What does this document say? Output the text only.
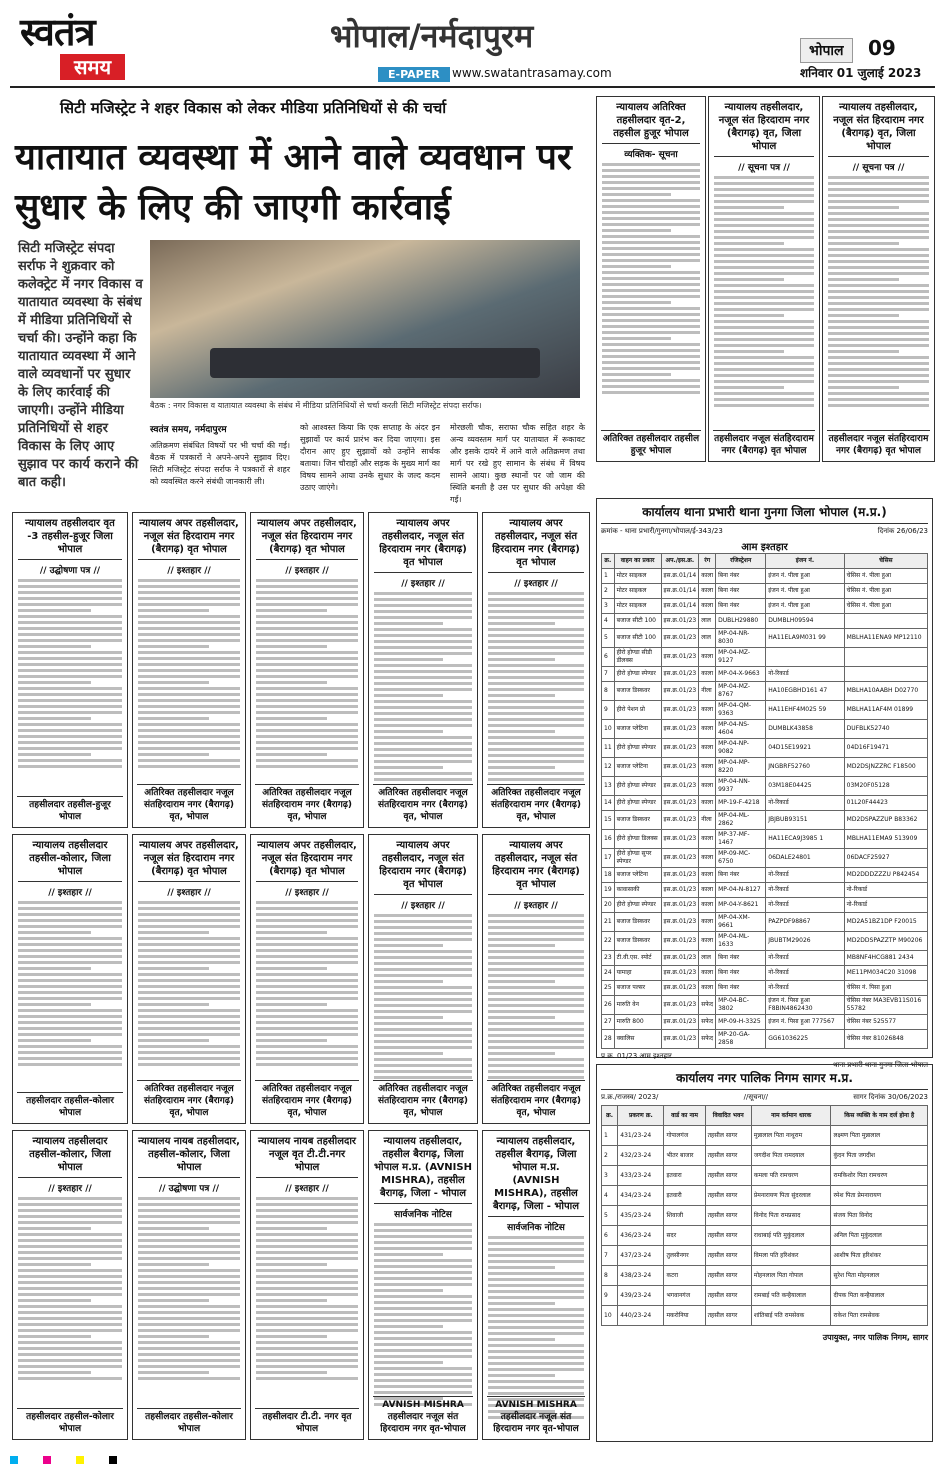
स्वतंत्र
समय
भोपाल/नर्मदापुरम
E-PAPER	www.swatantrasamay.com
भोपाल	09
शनिवार 01 जुलाई 2023
सिटी मजिस्ट्रेट ने शहर विकास को लेकर मीडिया प्रतिनिधियों से की चर्चा
यातायात व्यवस्था में आने वाले व्यवधान पर सुधार के लिए की जाएगी कार्रवाई
सिटी मजिस्ट्रेट संपदा सर्राफ ने शुक्रवार को कलेक्ट्रेट में नगर विकास व यातायात व्यवस्था के संबंध में मीडिया प्रतिनिधियों से चर्चा की। उन्होंने कहा कि यातायात व्यवस्था में आने वाले व्यवधानों पर सुधार के लिए कार्रवाई की जाएगी। उन्होंने मीडिया प्रतिनिधियों से शहर विकास के लिए आए सुझाव पर कार्य कराने की बात कही।
बैठक : नगर विकास व यातायात व्यवस्था के संबंध में मीडिया प्रतिनिधियों से चर्चा करती सिटी मजिस्ट्रेट संपदा सर्राफ।
स्वतंत्र समय, नर्मदापुरम
अतिक्रमण संबंधित विषयों पर भी चर्चा की गई। बैठक में पत्रकारों ने अपने-अपने सुझाव दिए। सिटी मजिस्ट्रेट संपदा सर्राफ ने पत्रकारों से शहर को व्यवस्थित करने संबंधी जानकारी ली।
को आश्वस्त किया कि एक सप्ताह के अंदर इन सुझावों पर कार्य प्रारंभ कर दिया जाएगा। इस दौरान आए हुए सुझावों को उन्होंने सार्थक बताया। जिन चौराहों और सड़क के मुख्य मार्ग का विषय सामने आया उनके सुधार के जल्द कदम उठाए जाएंगे।
मोरछली चौक, सराफा चौक सहित शहर के अन्य व्यवस्तम मार्ग पर यातायात में रूकावट और इसके दायरे में आने वाले अतिक्रमण तथा मार्ग पर रखे हुए सामान के संबंध में विषय सामने आया। कुछ स्थानों पर जो जाम की स्थिति बनती है उस पर सुधार की अपेक्षा की गई।
न्यायालय अतिरिक्त तहसीलदार वृत-2, तहसील हुजूर भोपाल
व्यक्तिक- सूचना
अतिरिक्त तहसीलदार तहसील हुजूर भोपाल
न्यायालय तहसीलदार, नजूल संत हिरदाराम नगर (बैरागढ़) वृत, जिला भोपाल
// सूचना पत्र //
तहसीलदार नजूल संतहिरदाराम नगर (बैरागढ़) वृत भोपाल
न्यायालय तहसीलदार, नजूल संत हिरदाराम नगर (बैरागढ़) वृत, जिला भोपाल
// सूचना पत्र //
तहसीलदार नजूल संतहिरदाराम नगर (बैरागढ़) वृत भोपाल
न्यायालय तहसीलदार वृत -3 तहसील-हुजूर जिला भोपाल
// उद्घोषणा पत्र //
तहसीलदार तहसील-हुजूर भोपाल
न्यायालय अपर तहसीलदार, नजूल संत हिरदाराम नगर (बैरागढ़) वृत भोपाल
// इश्तहार //
अतिरिक्त तहसीलदार नजूल संतहिरदाराम नगर (बैरागढ़) वृत, भोपाल
न्यायालय अपर तहसीलदार, नजूल संत हिरदाराम नगर (बैरागढ़) वृत भोपाल
// इश्तहार //
अतिरिक्त तहसीलदार नजूल संतहिरदाराम नगर (बैरागढ़) वृत, भोपाल
न्यायालय अपर तहसीलदार, नजूल संत हिरदाराम नगर (बैरागढ़) वृत भोपाल
// इश्तहार //
अतिरिक्त तहसीलदार नजूल संतहिरदाराम नगर (बैरागढ़) वृत, भोपाल
न्यायालय अपर तहसीलदार, नजूल संत हिरदाराम नगर (बैरागढ़) वृत भोपाल
// इश्तहार //
अतिरिक्त तहसीलदार नजूल संतहिरदाराम नगर (बैरागढ़) वृत, भोपाल
न्यायालय तहसीलदार तहसील-कोलार, जिला भोपाल
// इश्तहार //
तहसीलदार तहसील-कोलार भोपाल
न्यायालय अपर तहसीलदार, नजूल संत हिरदाराम नगर (बैरागढ़) वृत भोपाल
// इश्तहार //
अतिरिक्त तहसीलदार नजूल संतहिरदाराम नगर (बैरागढ़) वृत, भोपाल
न्यायालय अपर तहसीलदार, नजूल संत हिरदाराम नगर (बैरागढ़) वृत भोपाल
// इश्तहार //
अतिरिक्त तहसीलदार नजूल संतहिरदाराम नगर (बैरागढ़) वृत, भोपाल
न्यायालय अपर तहसीलदार, नजूल संत हिरदाराम नगर (बैरागढ़) वृत भोपाल
// इश्तहार //
अतिरिक्त तहसीलदार नजूल संतहिरदाराम नगर (बैरागढ़) वृत, भोपाल
न्यायालय अपर तहसीलदार, नजूल संत हिरदाराम नगर (बैरागढ़) वृत भोपाल
// इश्तहार //
अतिरिक्त तहसीलदार नजूल संतहिरदाराम नगर (बैरागढ़) वृत, भोपाल
न्यायालय तहसीलदार तहसील-कोलार, जिला भोपाल
// इश्तहार //
तहसीलदार तहसील-कोलार भोपाल
न्यायालय नायब तहसीलदार, तहसील-कोलार, जिला भोपाल
// उद्घोषणा पत्र //
तहसीलदार तहसील-कोलार भोपाल
न्यायालय नायब तहसीलदार नजूल वृत टी.टी.नगर भोपाल
// इश्तहार //
तहसीलदार टी.टी. नगर वृत भोपाल
न्यायालय तहसीलदार, तहसील बैरागढ़, जिला भोपाल म.प्र. (AVNISH MISHRA), तहसील बैरागढ़, जिला - भोपाल
सार्वजनिक नोटिस
AVNISH MISHRA तहसीलदार नजूल संत हिरदाराम नगर वृत-भोपाल
न्यायालय तहसीलदार, तहसील बैरागढ़, जिला भोपाल म.प्र. (AVNISH MISHRA), तहसील बैरागढ़, जिला - भोपाल
सार्वजनिक नोटिस
AVNISH MISHRA तहसीलदार नजूल संत हिरदाराम नगर वृत-भोपाल
कार्यालय थाना प्रभारी थाना गुनगा जिला भोपाल (म.प्र.)
क्रमांक - थाना प्रभारी/गुनगा/भोपाल/ई-343/23	दिनांक 26/06/23
आम इश्तहार
क्र.	वाहन का प्रकार	अप./इस.क्र.	रंग	रजिस्ट्रेशन	इंजन नं.	चेसिस
1	मोटर साइकल	इस.क्र.01/14	काला	बिना नंबर	इंजन नं. पीला हुआ	चेसिस नं. पीला हुआ
2	मोटर साइकल	इस.क्र.01/14	काला	बिना नंबर	इंजन नं. पीला हुआ	चेसिस नं. पीला हुआ
3	मोटर साइकल	इस.क्र.01/14	काला	बिना नंबर	इंजन नं. पीला हुआ	चेसिस नं. पीला हुआ
4	बजाज सीटी 100	इस.क्र.01/23	लाल	DUBLH29880	DUMBLH09594	
5	बजाज सीटी 100	इस.क्र.01/23	लाल	MP-04-NR-8030	HA11ELA9M031 99	MBLHA11ENA9 MP12110
6	हीरो होण्डा सीडी डीलक्स	इस.क्र.01/23	काला	MP-04-MZ-9127		
7	हीरो होण्डा स्पेण्डर	इस.क्र.01/23	काला	MP-04-X-9663	नो-रिकार्ड	
8	बजाज डिस्कवर	इस.क्र.01/23	नीला	MP-04-MZ-8767	HA10EGBHD161 47	MBLHA10AABH D02770
9	हीरो पेशन प्रो	इस.क्र.01/23	काला	MP-04-QM-9363	HA11EHF4M025 59	MBLHA11AF4M 01899
10	बजाज प्लेटिना	इस.क्र.01/23	काला	MP-04-NS-4604	DUMBLK43858	DUFBLK52740
11	हीरो होण्डा स्पेण्डर	इस.क्र.01/23	काला	MP-04-NP-9082	04D15E19921	04D16F19471
12	बजाज प्लेटिना	इस.क्र.01/23	काला	MP-04-MP-8220	JNGBRF52760	MD2DSJNZZRC F18500
13	हीरो होण्डा स्पेण्डर	इस.क्र.01/23	काला	MP-04-NN-9937	03M18E04425	03M20F05128
14	हीरो होण्डा स्पेण्डर	इस.क्र.01/23	काला	MP-19-F-4218	नो-रिकार्ड	01L20F44423
15	बजाज डिस्कवर	इस.क्र.01/23	नीला	MP-04-ML-2862	JBJBUB93151	MD2DSPAZZUP B83362
16	हीरो होण्डा डिलक्स	इस.क्र.01/23	काला	MP-37-MF-1467	HA11ECA9J3985 1	MBLHA11EMA9 513909
17	हीरो होण्डा सुपर स्पेण्डर	इस.क्र.01/23	काला	MP-09-MC-6750	06DALE24801	06DACF25927
18	बजाज प्लेटिना	इस.क्र.01/23	काला	बिना नंबर	नो-रिकार्ड	MD2DDDZZZU P842454
19	कावासाकी	इस.क्र.01/23	काला	MP-04-N-8127	नो-रिकार्ड	नो-रिकार्ड
20	हीरो होण्डा स्पेण्डर	इस.क्र.01/23	काला	MP-04-Y-8621	नो-रिकार्ड	नो-रिकार्ड
21	बजाज डिस्कवर	इस.क्र.01/23	काला	MP-04-XM-9661	PAZPDF98867	MD2A51BZ1DP F20015
22	बजाज डिस्कवर	इस.क्र.01/23	काला	MP-04-ML-1633	JBUBTM29026	MD2DDSPAZZTP M90206
23	टी.वी.एस. स्पोर्ट	इस.क्र.01/23	लाल	बिना नंबर	नो-रिकार्ड	MB8NF4HCG881 2434
24	यामाहा	इस.क्र.01/23	काला	बिना नंबर	नो-रिकार्ड	ME11PM034C20 31098
25	बजाज पल्सर	इस.क्र.01/23	काला	बिना नंबर	नो-रिकार्ड	चेसिस नं. पिसा हुआ
26	मारुति वेन	इस.क्र.01/23	सफेद	MP-04-BC-3802	इंजन नं. पिसा हुआ F8BIN4862430	चेसिस नंबर MA3EVB11S016 55782
27	मारुति 800	इस.क्र.01/23	सफेद	MP-09-H-3325	इंजन नं. पिसा हुआ 777567	चेसिस नंबर 525577
28	क्वालिस	इस.क्र.01/23	सफेद	MP-20-GA-2858	GG61036225	चेसिस नंबर 81026848
प्र.क्र. 01/23 आम इश्तहार
थाना प्रभारी थाना गुनगा जिला भोपाल
कार्यालय नगर पालिक निगम सागर म.प्र.
प्र.क्र./राजस्व/ 2023/	//सूचना//	सागर दिनांक 30/06/2023
क्र.	प्रकरण क्र.	वार्ड का नाम	विवादित भवन	नाम वर्तमान धारक	किस व्यक्ति के नाम दर्ज होना है
1	431/23-24	गोपालगंज	तहसील सागर	मुन्नालाल पिता नाथूराम	लक्ष्मण पिता मुन्नालाल
2	432/23-24	भीतर बाजार	तहसील सागर	जगदीश पिता रामदयाल	कुंदन पिता जगदीश
3	433/23-24	इतवारा	तहसील सागर	कमला पति रामचरण	रामकिशोर पिता रामचरण
4	434/23-24	इतवारी	तहसील सागर	प्रेमनारायण पिता सुंदरलाल	रमेश पिता प्रेमनारायण
5	435/23-24	शिवाजी	तहसील सागर	विनोद पिता रामप्रसाद	संजय पिता विनोद
6	436/23-24	सदर	तहसील सागर	राधाबाई पति मुकुंदलाल	अनिल पिता मुकुंदलाल
7	437/23-24	तुलसीनगर	तहसील सागर	विमला पति हरिशंकर	आशीष पिता हरिशंकर
8	438/23-24	कटरा	तहसील सागर	मोहनलाल पिता गोपाल	सुरेश पिता मोहनलाल
9	439/23-24	भगवानगंज	तहसील सागर	रामबाई पति कन्हैयालाल	दीपक पिता कन्हैयालाल
10	440/23-24	मकरोनिया	तहसील सागर	शांतिबाई पति रामसेवक	राकेश पिता रामसेवक
उपायुक्त, नगर पालिक निगम, सागर
